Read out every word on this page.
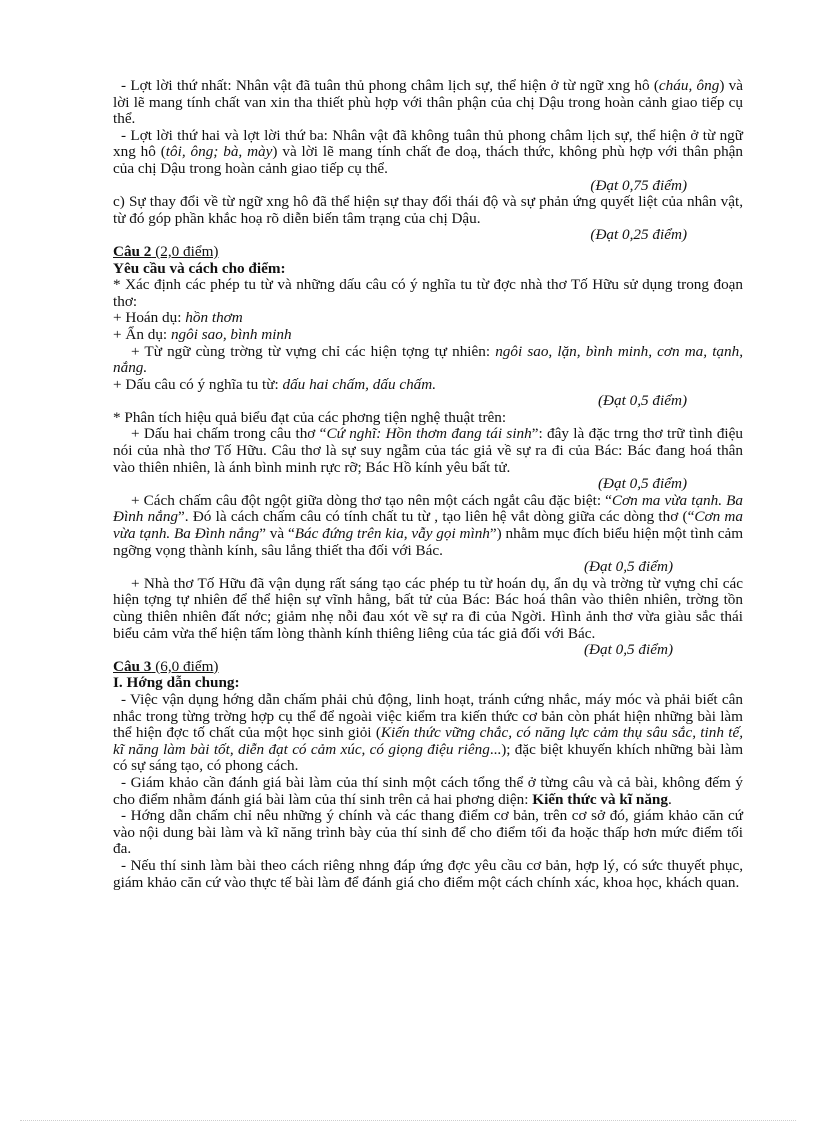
- Lợt lời thứ nhất: Nhân vật đã tuân thủ phong châm lịch sự, thể hiện ở từ ngữ xng hô (cháu, ông) và lời lẽ mang tính chất van xin tha thiết phù hợp với thân phận của chị Dậu trong hoàn cảnh giao tiếp cụ thể.

- Lợt lời thứ hai và lợt lời thứ ba: Nhân vật đã không tuân thủ phong châm lịch sự, thể hiện ở từ ngữ xng hô (tôi, ông; bà, mày) và lời lẽ mang tính chất đe doạ, thách thức, không phù hợp với thân phận của chị Dậu trong hoàn cảnh giao tiếp cụ thể.

(Đạt 0,75 điểm)

c) Sự thay đổi về từ ngữ xng hô đã thể hiện sự thay đổi thái độ và sự phản ứng quyết liệt của nhân vật, từ đó góp phần khắc hoạ rõ diễn biến tâm trạng của chị Dậu.

(Đạt 0,25 điểm)

Câu 2 (2,0 điểm)

Yêu cầu và cách cho điểm:

* Xác định các phép tu từ và những dấu câu có ý nghĩa tu từ đợc nhà thơ Tố Hữu sử dụng trong đoạn thơ:

+ Hoán dụ: hồn thơm

+ Ẩn dụ: ngôi sao, bình minh

+ Từ ngữ cùng trờng từ vựng chỉ các hiện tợng tự nhiên: ngôi sao, lặn, bình minh, cơn ma, tạnh, nắng.

+ Dấu câu có ý nghĩa tu từ: dấu hai chấm, dấu chấm.

(Đạt 0,5 điểm)

* Phân tích hiệu quả biểu đạt của các phơng tiện nghệ thuật trên:

+ Dấu hai chấm trong câu thơ “Cứ nghĩ: Hồn thơm đang tái sinh”: đây là đặc trng thơ trữ tình điệu nói của nhà thơ Tố Hữu. Câu thơ là sự suy ngẫm của tác giả về sự ra đi của Bác: Bác đang hoá thân vào thiên nhiên, là ánh bình minh rực rỡ; Bác Hồ kính yêu bất tử.

(Đạt 0,5 điểm)

+ Cách chấm câu đột ngột giữa dòng thơ tạo nên một cách ngắt câu đặc biệt: “Cơn ma vừa tạnh. Ba Đình nắng”. Đó là cách chấm câu có tính chất tu từ , tạo liên hệ vắt dòng giữa các dòng thơ (“Cơn ma vừa tạnh. Ba Đình nắng” và “Bác đứng trên kia, vẫy gọi mình”) nhằm mục đích biểu hiện một tình cảm ngỡng vọng thành kính, sâu lắng thiết tha đối với Bác.

(Đạt 0,5 điểm)

+ Nhà thơ Tố Hữu đã vận dụng rất sáng tạo các phép tu từ hoán dụ, ẩn dụ và trờng từ vựng chỉ các hiện tợng tự nhiên để thể hiện sự vĩnh hằng, bất tử của Bác: Bác hoá thân vào thiên nhiên, trờng tồn cùng thiên nhiên đất nớc; giảm nhẹ nỗi đau xót về sự ra đi của Ngời. Hình ảnh thơ vừa giàu sắc thái biểu cảm vừa thể hiện tấm lòng thành kính thiêng liêng của tác giả đối với Bác.

(Đạt 0,5 điểm)

Câu 3 (6,0 điểm)

I. Hớng dẫn chung:

- Việc vận dụng hớng dẫn chấm phải chủ động, linh hoạt, tránh cứng nhắc, máy móc và phải biết cân nhắc trong từng trờng hợp cụ thể để ngoài việc kiểm tra kiến thức cơ bản còn phát hiện những bài làm thể hiện đợc tố chất của một học sinh giỏi (Kiến thức vững chắc, có năng lực cảm thụ sâu sắc, tinh tế, kĩ năng làm bài tốt, diễn đạt có cảm xúc, có giọng điệu riêng...); đặc biệt khuyến khích những bài làm có sự sáng tạo, có phong cách.

- Giám khảo cần đánh giá bài làm của thí sinh một cách tổng thể ở từng câu và cả bài, không đếm ý cho điểm nhằm đánh giá bài làm của thí sinh trên cả hai phơng diện: Kiến thức và kĩ năng.

- Hớng dẫn chấm chỉ nêu những ý chính và các thang điểm cơ bản, trên cơ sở đó, giám khảo căn cứ vào nội dung bài làm và kĩ năng trình bày của thí sinh để cho điểm tối đa hoặc thấp hơn mức điểm tối đa.

- Nếu thí sinh làm bài theo cách riêng nhng đáp ứng đợc yêu cầu cơ bản, hợp lý, có sức thuyết phục, giám khảo căn cứ vào thực tế bài làm để đánh giá cho điểm một cách chính xác, khoa học, khách quan.
